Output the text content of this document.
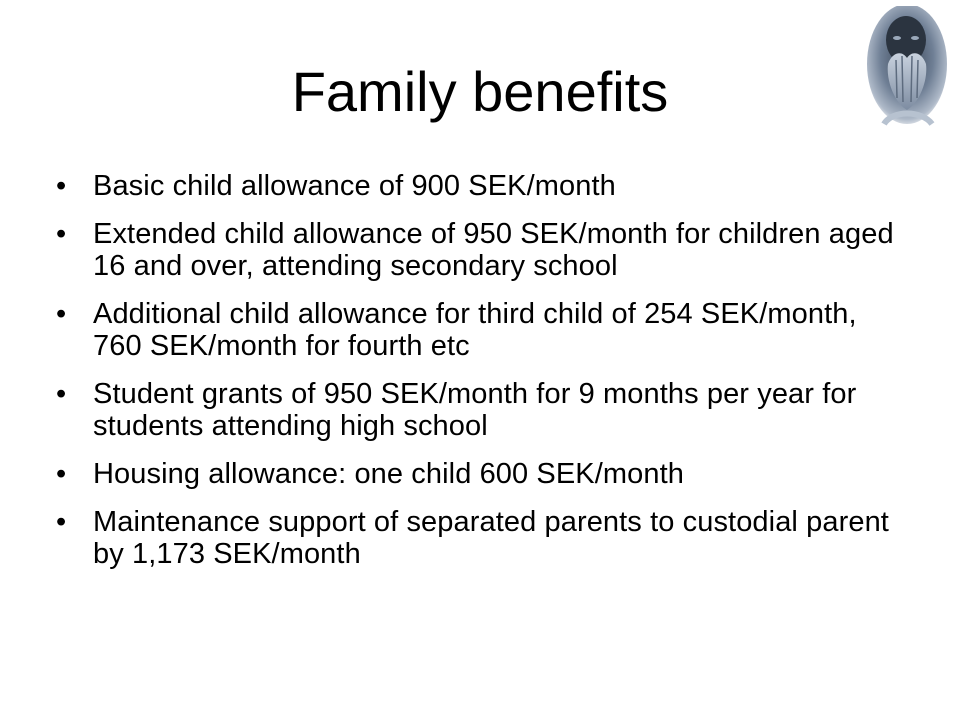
Family benefits
• Basic child allowance of 900 SEK/month
• Extended child allowance of 950 SEK/month for children aged 16 and over, attending secondary school
• Additional child allowance for third child of 254 SEK/month, 760 SEK/month for fourth etc
• Student grants of 950 SEK/month for 9 months per year for students attending high school
• Housing allowance: one child 600 SEK/month
• Maintenance support of separated parents to custodial parent by 1,173 SEK/month
